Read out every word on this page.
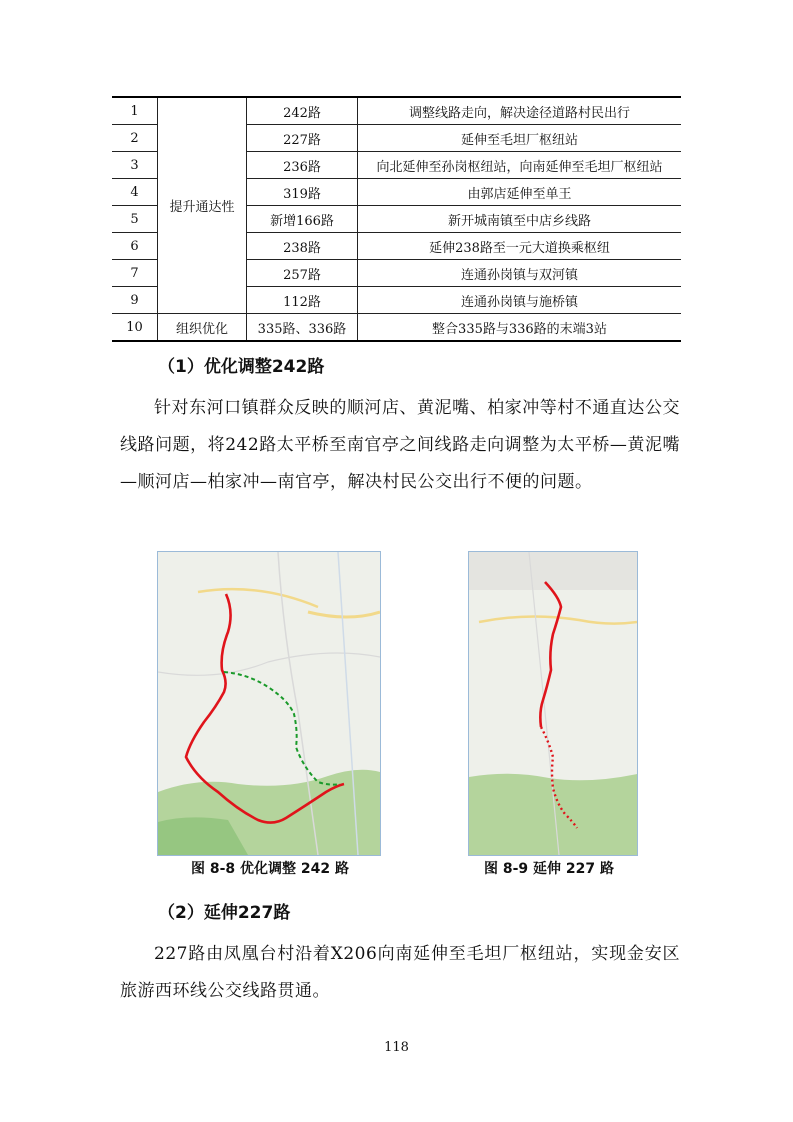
1	提升通达性	242路	调整线路走向，解决途径道路村民出行
2		227路	延伸至毛坦厂枢纽站
3		236路	向北延伸至孙岗枢纽站，向南延伸至毛坦厂枢纽站
4		319路	由郭店延伸至单王
5		新增166路	新开城南镇至中店乡线路
6		238路	延伸238路至一元大道换乘枢纽
7		257路	连通孙岗镇与双河镇
9		112路	连通孙岗镇与施桥镇
10	组织优化	335路、336路	整合335路与336路的末端3站
（1）优化调整242路

针对东河口镇群众反映的顺河店、黄泥嘴、柏家冲等村不通直达公交线路问题，将242路太平桥至南官亭之间线路走向调整为太平桥—黄泥嘴—顺河店—柏家冲—南官亭，解决村民公交出行不便的问题。

图 8-8 优化调整 242 路	图 8-9 延伸 227 路
（2）延伸227路

227路由凤凰台村沿着X206向南延伸至毛坦厂枢纽站，实现金安区旅游西环线公交线路贯通。

118
